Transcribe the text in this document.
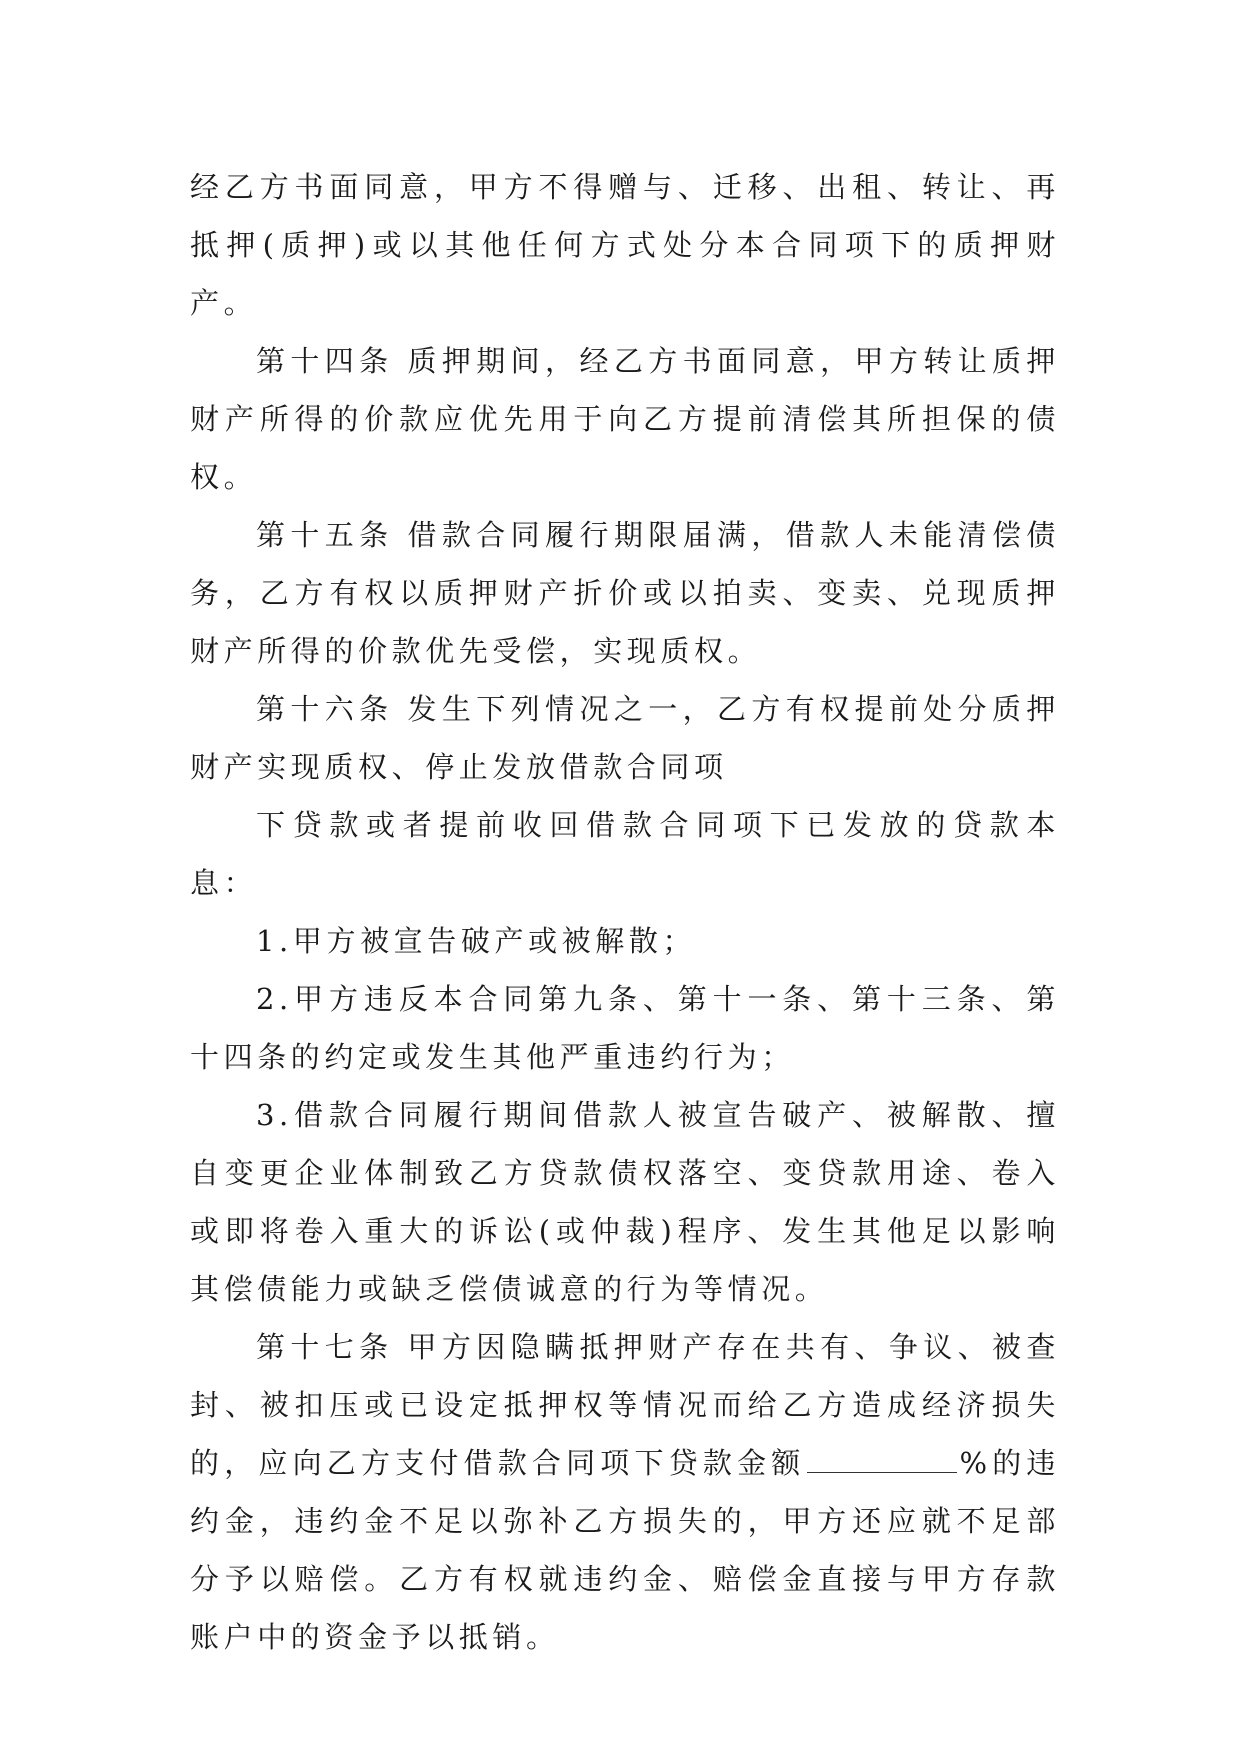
经乙方书面同意，甲方不得赠与、迁移、出租、转让、再抵押(质押)或以其他任何方式处分本合同项下的质押财产。

第十四条 质押期间，经乙方书面同意，甲方转让质押财产所得的价款应优先用于向乙方提前清偿其所担保的债权。

第十五条 借款合同履行期限届满，借款人未能清偿债务，乙方有权以质押财产折价或以拍卖、变卖、兑现质押财产所得的价款优先受偿，实现质权。

第十六条 发生下列情况之一，乙方有权提前处分质押财产实现质权、停止发放借款合同项

下贷款或者提前收回借款合同项下已发放的贷款本息：

1.甲方被宣告破产或被解散；

2.甲方违反本合同第九条、第十一条、第十三条、第十四条的约定或发生其他严重违约行为；

3.借款合同履行期间借款人被宣告破产、被解散、擅自变更企业体制致乙方贷款债权落空、变贷款用途、卷入或即将卷入重大的诉讼(或仲裁)程序、发生其他足以影响其偿债能力或缺乏偿债诚意的行为等情况。

第十七条 甲方因隐瞒抵押财产存在共有、争议、被查封、被扣压或已设定抵押权等情况而给乙方造成经济损失的，应向乙方支付借款合同项下贷款金额	%的违约金，违约金不足以弥补乙方损失的，甲方还应就不足部分予以赔偿。乙方有权就违约金、赔偿金直接与甲方存款账户中的资金予以抵销。
